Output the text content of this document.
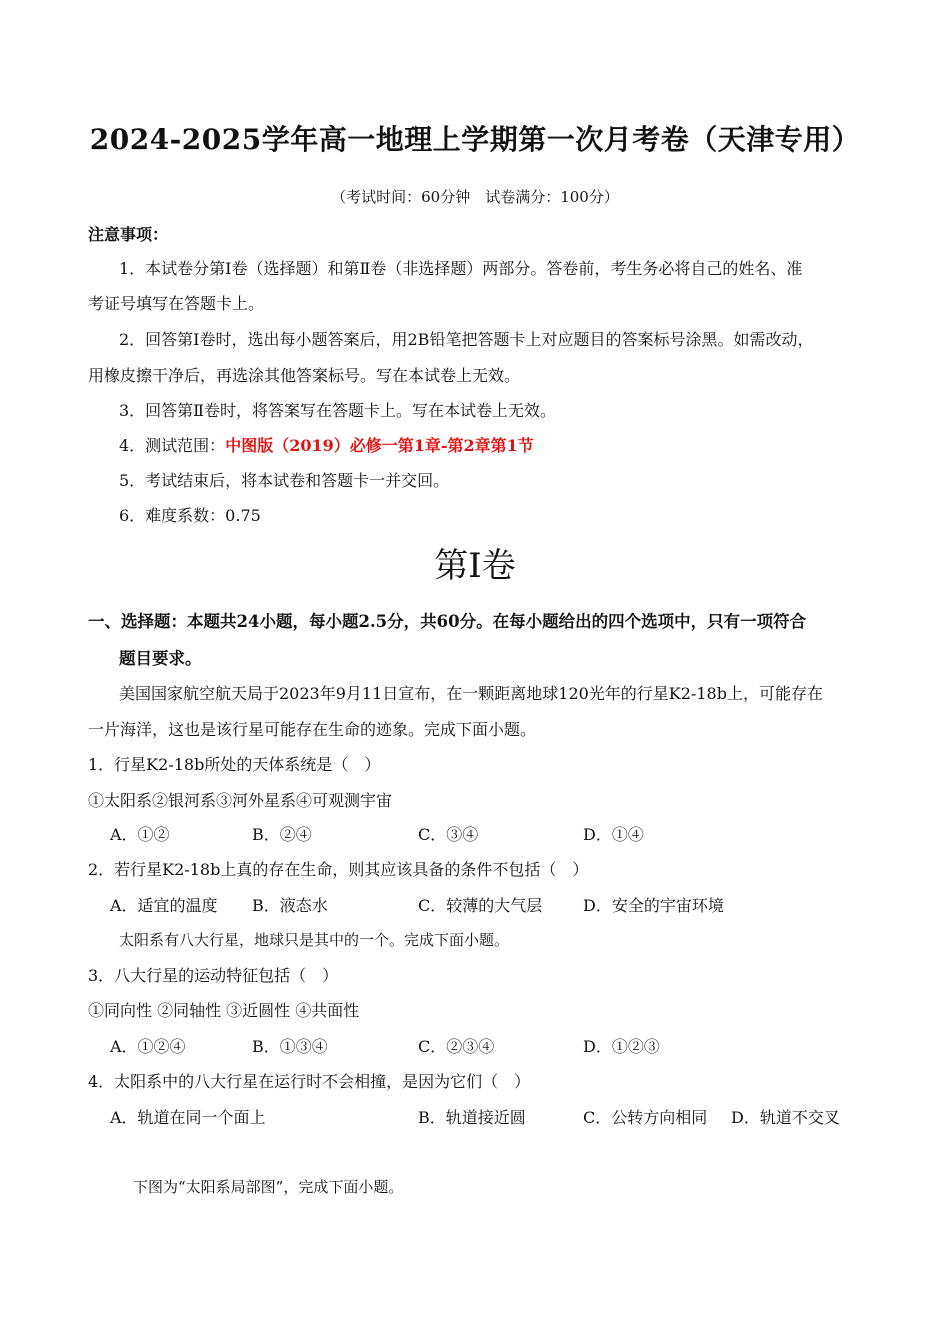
2024-2025学年高一地理上学期第一次月考卷（天津专用）
（考试时间：60分钟　试卷满分：100分）
注意事项：
1．本试卷分第Ⅰ卷（选择题）和第Ⅱ卷（非选择题）两部分。答卷前，考生务必将自己的姓名、准
考证号填写在答题卡上。
2．回答第Ⅰ卷时，选出每小题答案后，用2B铅笔把答题卡上对应题目的答案标号涂黑。如需改动，
用橡皮擦干净后，再选涂其他答案标号。写在本试卷上无效。
3．回答第Ⅱ卷时，将答案写在答题卡上。写在本试卷上无效。
4．测试范围：中图版（2019）必修一第1章-第2章第1节
5．考试结束后，将本试卷和答题卡一并交回。
6．难度系数：0.75
第Ⅰ卷
一、选择题：本题共24小题，每小题2.5分，共60分。在每小题给出的四个选项中，只有一项符合
题目要求。
美国国家航空航天局于2023年9月11日宣布，在一颗距离地球120光年的行星K2-18b上，可能存在
一片海洋，这也是该行星可能存在生命的迹象。完成下面小题。
1．行星K2-18b所处的天体系统是（　）
①太阳系②银河系③河外星系④可观测宇宙
A．①②	B．②④	C．③④	D．①④
2．若行星K2-18b上真的存在生命，则其应该具备的条件不包括（　）
A．适宜的温度 B．液态水	C．较薄的大气层	D．安全的宇宙环境
太阳系有八大行星，地球只是其中的一个。完成下面小题。
3．八大行星的运动特征包括（　）
①同向性 ②同轴性 ③近圆性 ④共面性
A．①②④	B．①③④	C．②③④	D．①②③
4．太阳系中的八大行星在运行时不会相撞，是因为它们（　）
A．轨道在同一个面上	B．轨道接近圆	C．公转方向相同 D．轨道不交叉
下图为“太阳系局部图”，完成下面小题。
